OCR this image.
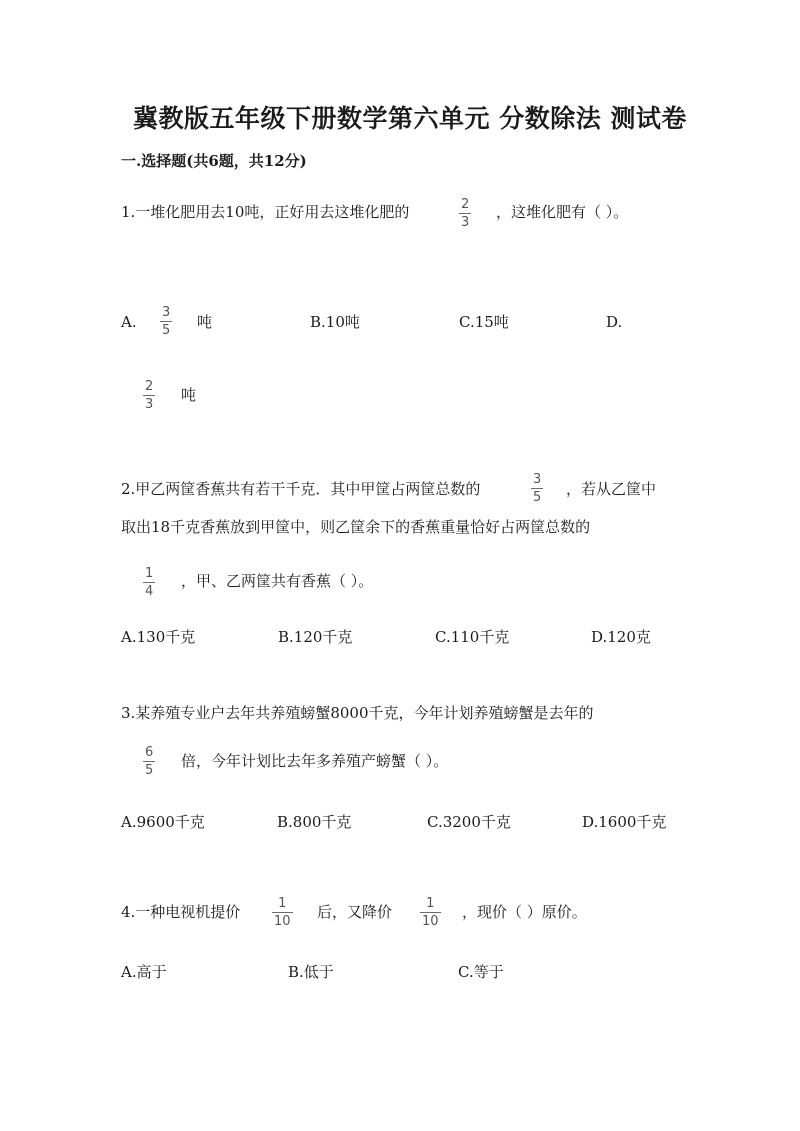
冀教版五年级下册数学第六单元 分数除法 测试卷
一.选择题(共6题，共12分)
1.一堆化肥用去10吨，正好用去这堆化肥的	2
3
，这堆化肥有（ ）。
A.
3
5 吨	B.10吨	C.15吨	D.
2
3
吨
2.甲乙两筐香蕉共有若干千克．其中甲筐占两筐总数的
3
5 ，若从乙筐中
取出18千克香蕉放到甲筐中，则乙筐余下的香蕉重量恰好占两筐总数的
1
4
，甲、乙两筐共有香蕉（ ）。
A.130千克	B.120千克	C.110千克	D.120克
3.某养殖专业户去年共养殖螃蟹8000千克，今年计划养殖螃蟹是去年的
6
5
倍，今年计划比去年多养殖产螃蟹（ ）。
A.9600千克	B.800千克	C.3200千克	D.1600千克
4.一种电视机提价	1
10
后，又降价	1
10
，现价（ ）原价。
A.高于	B.低于	C.等于
